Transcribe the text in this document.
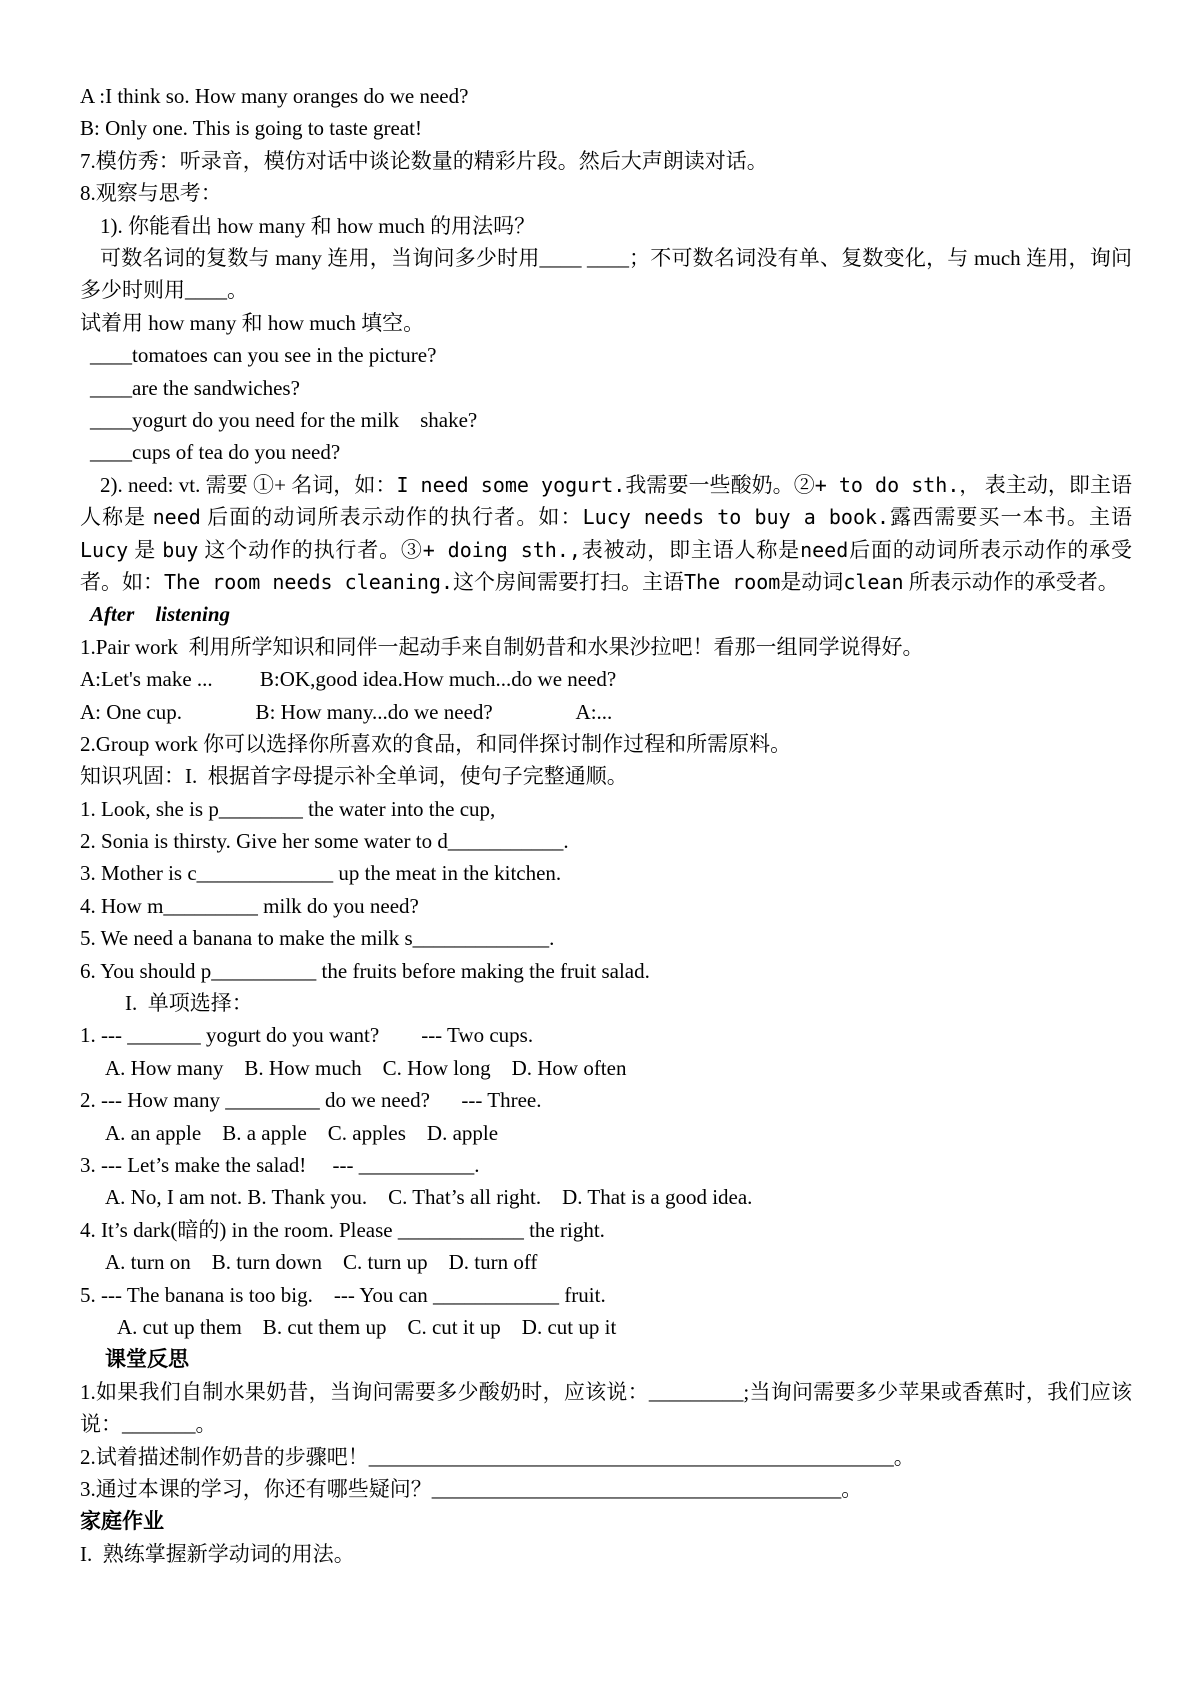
A :I think so. How many oranges do we need?
B: Only one. This is going to taste great!
7.模仿秀：听录音，模仿对话中谈论数量的精彩片段。然后大声朗读对话。
8.观察与思考：
1). 你能看出 how many 和 how much 的用法吗？
可数名词的复数与 many 连用，当询问多少时用____ ____；不可数名词没有单、复数变化，与 much 连用，询问多少时则用____。
试着用 how many 和 how much 填空。
____tomatoes can you see in the picture?
____are the sandwiches?
____yogurt do you need for the milk    shake?
____cups of tea do you need?
2). need: vt. 需要 ①+ 名词，如：I need some yogurt.我需要一些酸奶。②+ to do sth.， 表主动，即主语人称是 need 后面的动词所表示动作的执行者。如：Lucy needs to buy a book.露西需要买一本书。主语 Lucy 是 buy 这个动作的执行者。③+ doing sth.,表被动，即主语人称是need后面的动词所表示动作的承受者。如：The room needs cleaning.这个房间需要打扫。主语The room是动词clean 所表示动作的承受者。
After    listening
1.Pair work  利用所学知识和同伴一起动手来自制奶昔和水果沙拉吧！看那一组同学说得好。
A:Let's make ...         B:OK,good idea.How much...do we need?
A: One cup.              B: How many...do we need?                A:...
2.Group work 你可以选择你所喜欢的食品，和同伴探讨制作过程和所需原料。
知识巩固：I.  根据首字母提示补全单词，使句子完整通顺。
1. Look, she is p________ the water into the cup,
2. Sonia is thirsty. Give her some water to d___________.
3. Mother is c_____________ up the meat in the kitchen.
4. How m_________ milk do you need?
5. We need a banana to make the milk s_____________.
6. You should p__________ the fruits before making the fruit salad.
I.  单项选择：
1. --- _______ yogurt do you want?        --- Two cups.
A. How many    B. How much    C. How long    D. How often
2. --- How many _________ do we need?      --- Three.
A. an apple    B. a apple    C. apples    D. apple
3. --- Let’s make the salad!     --- ___________.
A. No, I am not. B. Thank you.    C. That’s all right.    D. That is a good idea.
4. It’s dark(暗的) in the room. Please ____________ the right.
A. turn on    B. turn down    C. turn up    D. turn off
5. --- The banana is too big.    --- You can ____________ fruit.
A. cut up them    B. cut them up    C. cut it up    D. cut up it
课堂反思
1.如果我们自制水果奶昔，当询问需要多少酸奶时，应该说：_________;当询问需要多少苹果或香蕉时，我们应该说：_______。
2.试着描述制作奶昔的步骤吧！__________________________________________________。
3.通过本课的学习，你还有哪些疑问？_______________________________________。
家庭作业
I.  熟练掌握新学动词的用法。
